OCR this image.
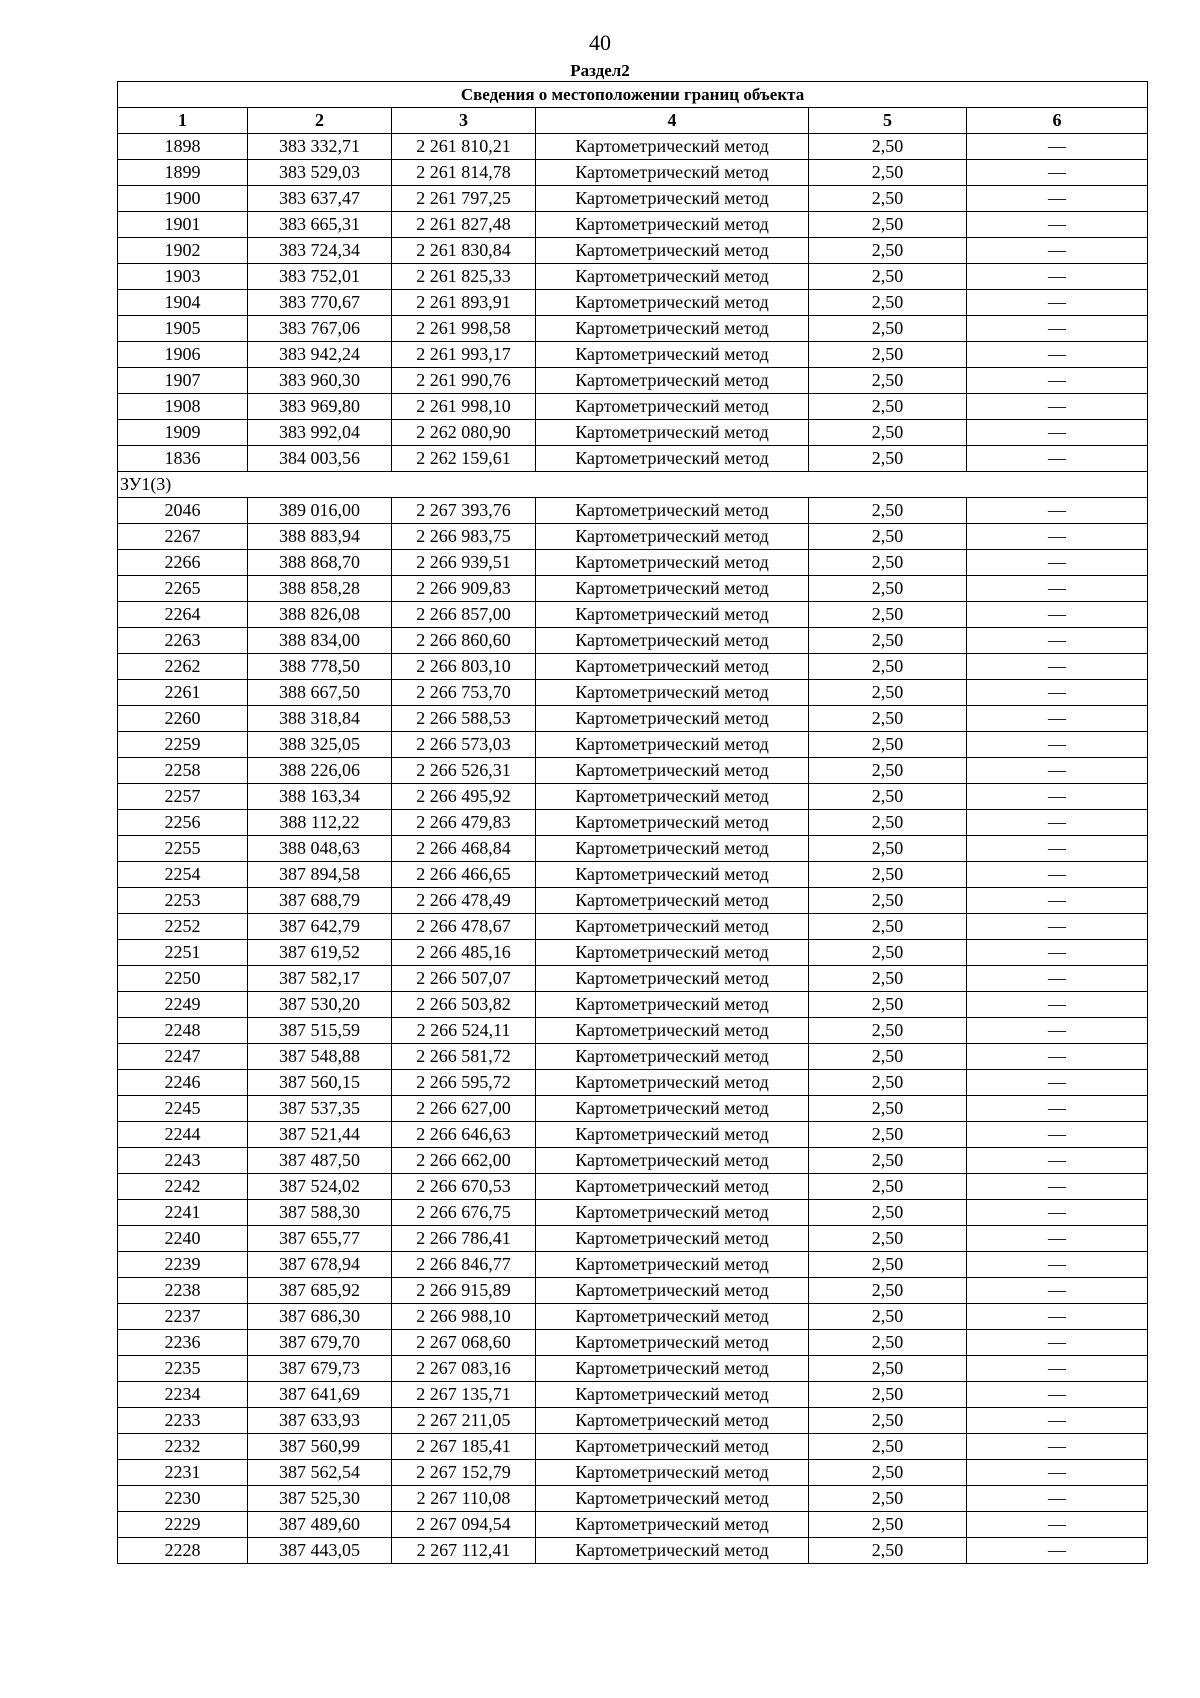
40
Раздел2
Сведения о местоположении границ объекта					
1	2	3	4	5	6
1898	383 332,71	2 261 810,21	Картометрический метод	2,50	—
1899	383 529,03	2 261 814,78	Картометрический метод	2,50	—
1900	383 637,47	2 261 797,25	Картометрический метод	2,50	—
1901	383 665,31	2 261 827,48	Картометрический метод	2,50	—
1902	383 724,34	2 261 830,84	Картометрический метод	2,50	—
1903	383 752,01	2 261 825,33	Картометрический метод	2,50	—
1904	383 770,67	2 261 893,91	Картометрический метод	2,50	—
1905	383 767,06	2 261 998,58	Картометрический метод	2,50	—
1906	383 942,24	2 261 993,17	Картометрический метод	2,50	—
1907	383 960,30	2 261 990,76	Картометрический метод	2,50	—
1908	383 969,80	2 261 998,10	Картометрический метод	2,50	—
1909	383 992,04	2 262 080,90	Картометрический метод	2,50	—
1836	384 003,56	2 262 159,61	Картометрический метод	2,50	—
ЗУ1(3)					
2046	389 016,00	2 267 393,76	Картометрический метод	2,50	—
2267	388 883,94	2 266 983,75	Картометрический метод	2,50	—
2266	388 868,70	2 266 939,51	Картометрический метод	2,50	—
2265	388 858,28	2 266 909,83	Картометрический метод	2,50	—
2264	388 826,08	2 266 857,00	Картометрический метод	2,50	—
2263	388 834,00	2 266 860,60	Картометрический метод	2,50	—
2262	388 778,50	2 266 803,10	Картометрический метод	2,50	—
2261	388 667,50	2 266 753,70	Картометрический метод	2,50	—
2260	388 318,84	2 266 588,53	Картометрический метод	2,50	—
2259	388 325,05	2 266 573,03	Картометрический метод	2,50	—
2258	388 226,06	2 266 526,31	Картометрический метод	2,50	—
2257	388 163,34	2 266 495,92	Картометрический метод	2,50	—
2256	388 112,22	2 266 479,83	Картометрический метод	2,50	—
2255	388 048,63	2 266 468,84	Картометрический метод	2,50	—
2254	387 894,58	2 266 466,65	Картометрический метод	2,50	—
2253	387 688,79	2 266 478,49	Картометрический метод	2,50	—
2252	387 642,79	2 266 478,67	Картометрический метод	2,50	—
2251	387 619,52	2 266 485,16	Картометрический метод	2,50	—
2250	387 582,17	2 266 507,07	Картометрический метод	2,50	—
2249	387 530,20	2 266 503,82	Картометрический метод	2,50	—
2248	387 515,59	2 266 524,11	Картометрический метод	2,50	—
2247	387 548,88	2 266 581,72	Картометрический метод	2,50	—
2246	387 560,15	2 266 595,72	Картометрический метод	2,50	—
2245	387 537,35	2 266 627,00	Картометрический метод	2,50	—
2244	387 521,44	2 266 646,63	Картометрический метод	2,50	—
2243	387 487,50	2 266 662,00	Картометрический метод	2,50	—
2242	387 524,02	2 266 670,53	Картометрический метод	2,50	—
2241	387 588,30	2 266 676,75	Картометрический метод	2,50	—
2240	387 655,77	2 266 786,41	Картометрический метод	2,50	—
2239	387 678,94	2 266 846,77	Картометрический метод	2,50	—
2238	387 685,92	2 266 915,89	Картометрический метод	2,50	—
2237	387 686,30	2 266 988,10	Картометрический метод	2,50	—
2236	387 679,70	2 267 068,60	Картометрический метод	2,50	—
2235	387 679,73	2 267 083,16	Картометрический метод	2,50	—
2234	387 641,69	2 267 135,71	Картометрический метод	2,50	—
2233	387 633,93	2 267 211,05	Картометрический метод	2,50	—
2232	387 560,99	2 267 185,41	Картометрический метод	2,50	—
2231	387 562,54	2 267 152,79	Картометрический метод	2,50	—
2230	387 525,30	2 267 110,08	Картометрический метод	2,50	—
2229	387 489,60	2 267 094,54	Картометрический метод	2,50	—
2228	387 443,05	2 267 112,41	Картометрический метод	2,50	—
